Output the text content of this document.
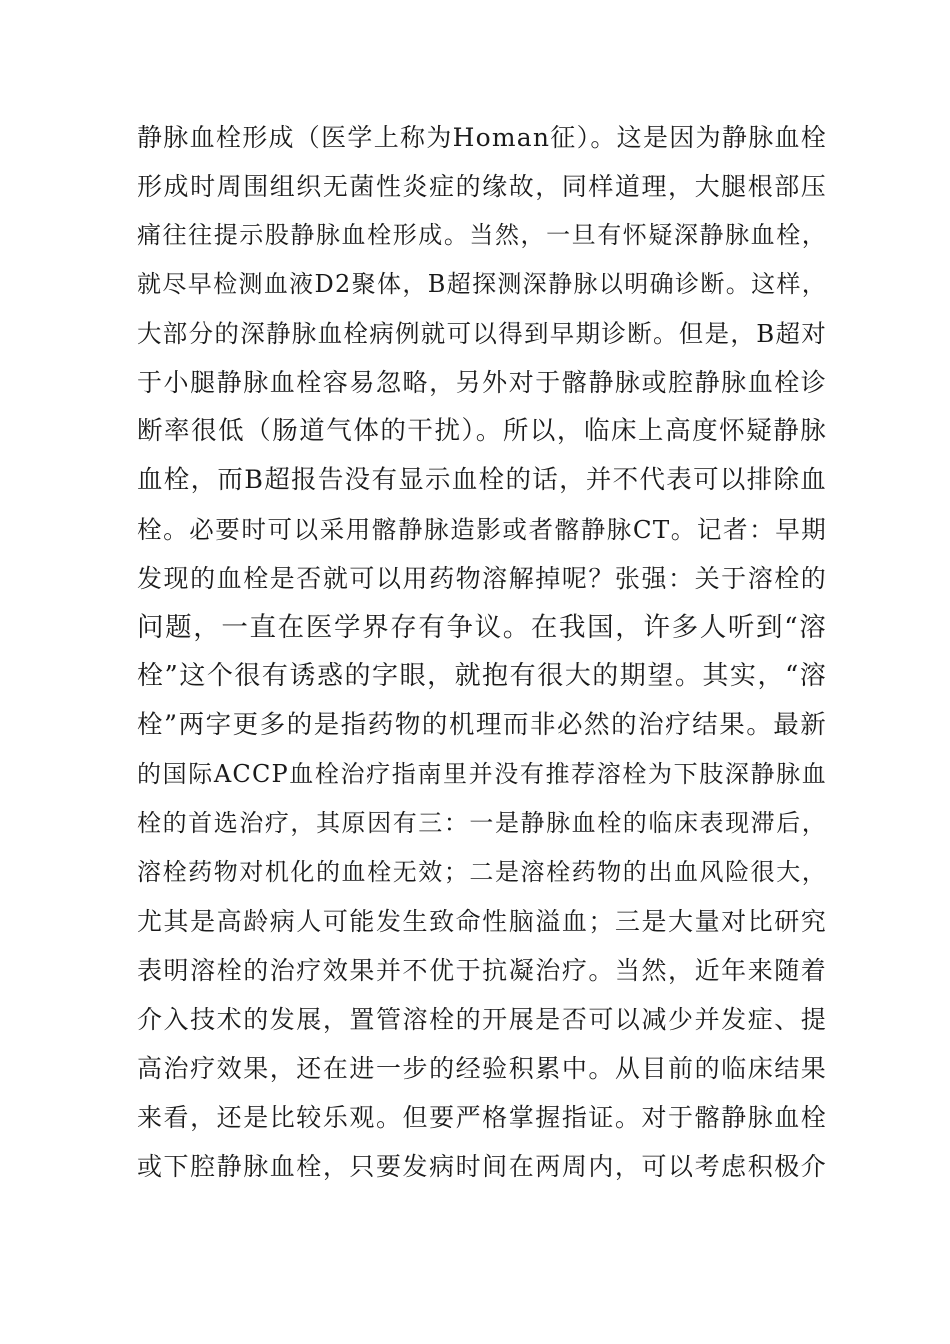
静脉血栓形成（医学上称为Homan征）。这是因为静脉血栓
形成时周围组织无菌性炎症的缘故，同样道理，大腿根部压
痛往往提示股静脉血栓形成。当然，一旦有怀疑深静脉血栓，
就尽早检测血液D2聚体，B超探测深静脉以明确诊断。这样，
大部分的深静脉血栓病例就可以得到早期诊断。但是，B超对
于小腿静脉血栓容易忽略，另外对于髂静脉或腔静脉血栓诊
断率很低（肠道气体的干扰）。所以，临床上高度怀疑静脉
血栓，而B超报告没有显示血栓的话，并不代表可以排除血
栓。必要时可以采用髂静脉造影或者髂静脉CT。记者：早期
发现的血栓是否就可以用药物溶解掉呢？张强：关于溶栓的
问题，一直在医学界存有争议。在我国，许多人听到“溶
栓”这个很有诱惑的字眼，就抱有很大的期望。其实，“溶
栓”两字更多的是指药物的机理而非必然的治疗结果。最新
的国际ACCP血栓治疗指南里并没有推荐溶栓为下肢深静脉血
栓的首选治疗，其原因有三：一是静脉血栓的临床表现滞后，
溶栓药物对机化的血栓无效；二是溶栓药物的出血风险很大，
尤其是高龄病人可能发生致命性脑溢血；三是大量对比研究
表明溶栓的治疗效果并不优于抗凝治疗。当然，近年来随着
介入技术的发展，置管溶栓的开展是否可以减少并发症、提
高治疗效果，还在进一步的经验积累中。从目前的临床结果
来看，还是比较乐观。但要严格掌握指证。对于髂静脉血栓
或下腔静脉血栓，只要发病时间在两周内，可以考虑积极介
